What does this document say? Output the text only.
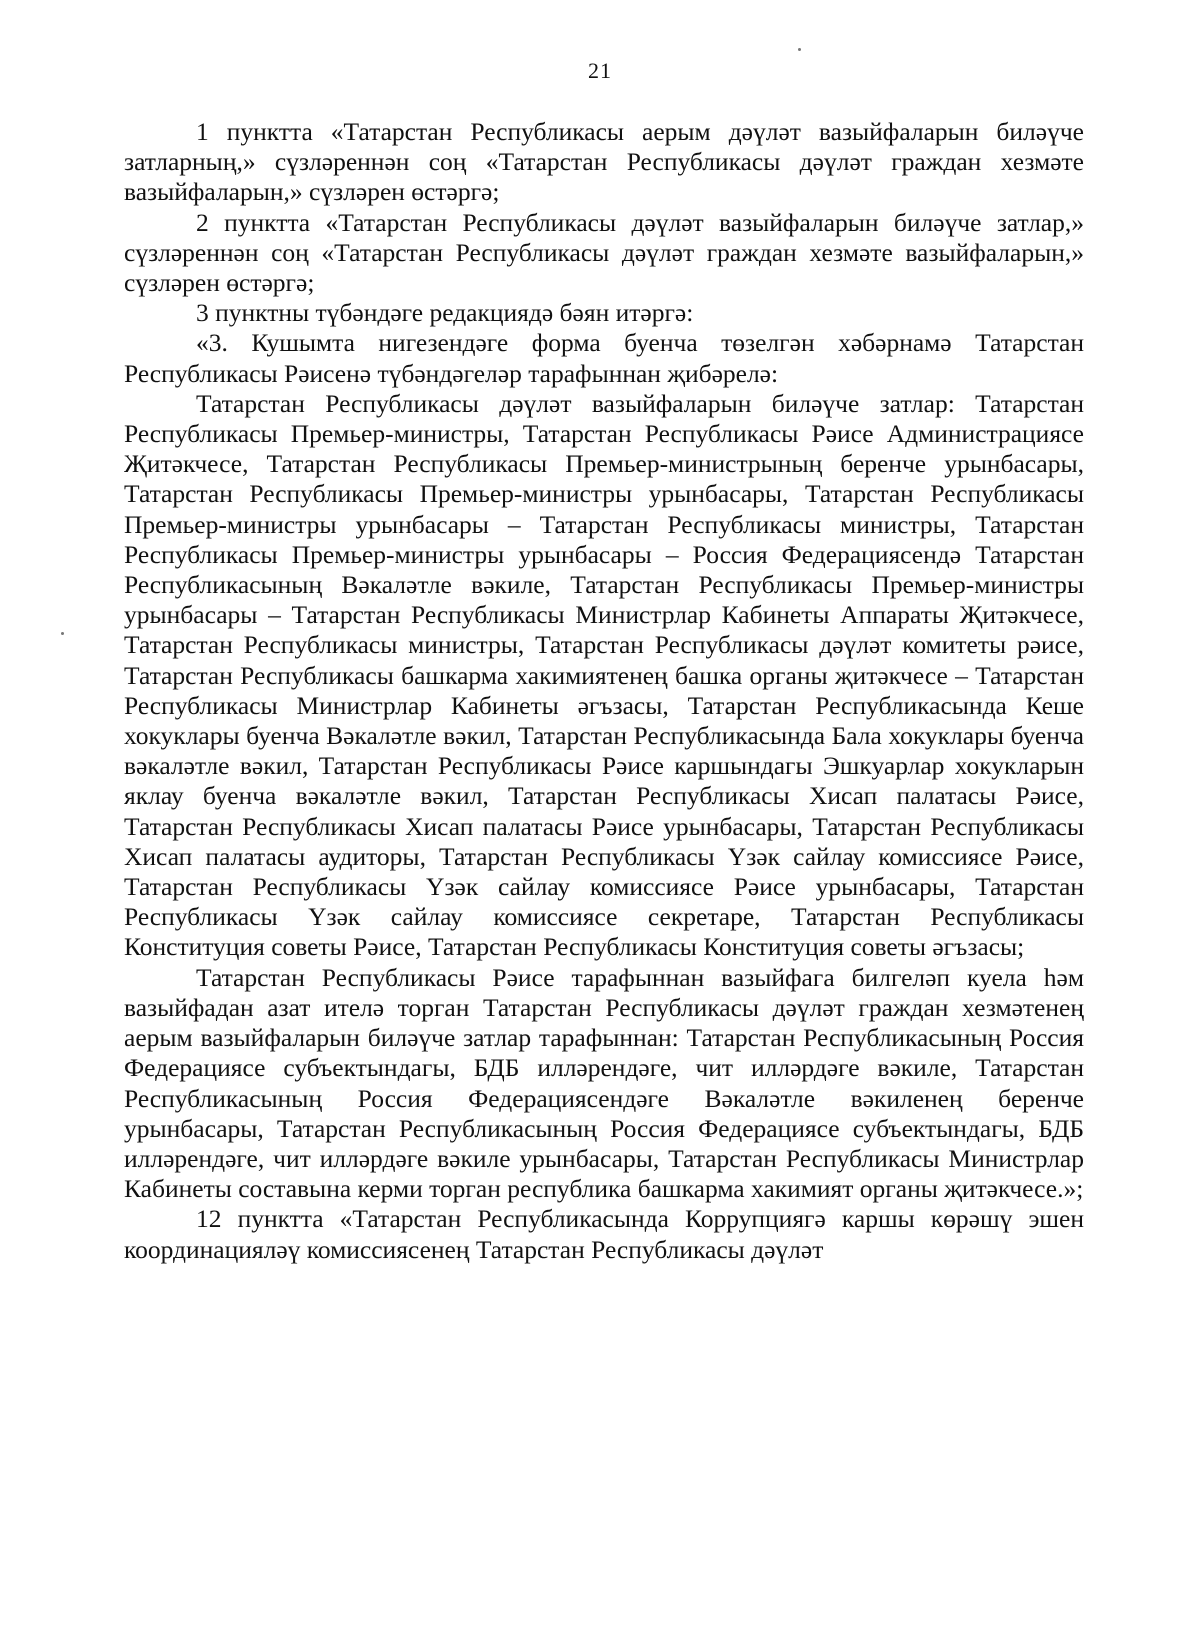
21

1 пунктта «Татарстан Республикасы аерым дәүләт вазыйфаларын биләүче затларның,» сүзләреннән соң «Татарстан Республикасы дәүләт граждан хезмәте вазыйфаларын,» сүзләрен өстәргә;

2 пунктта «Татарстан Республикасы дәүләт вазыйфаларын биләүче затлар,» сүзләреннән соң «Татарстан Республикасы дәүләт граждан хезмәте вазыйфаларын,» сүзләрен өстәргә;

3 пунктны түбәндәге редакциядә бәян итәргә:

«3. Кушымта нигезендәге форма буенча төзелгән хәбәрнамә Татарстан Республикасы Рәисенә түбәндәгеләр тарафыннан җибәрелә:

Татарстан Республикасы дәүләт вазыйфаларын биләүче затлар: Татарстан Республикасы Премьер-министры, Татарстан Республикасы Рәисе Администрациясе Җитәкчесе, Татарстан Республикасы Премьер-министрының беренче урынбасары, Татарстан Республикасы Премьер-министры урынбасары, Татарстан Республикасы Премьер-министры урынбасары – Татарстан Республикасы министры, Татарстан Республикасы Премьер-министры урынбасары – Россия Федерациясендә Татарстан Республикасының Вәкаләтле вәкиле, Татарстан Республикасы Премьер-министры урынбасары – Татарстан Республикасы Министрлар Кабинеты Аппараты Җитәкчесе, Татарстан Республикасы министры, Татарстан Республикасы дәүләт комитеты рәисе, Татарстан Республикасы башкарма хакимиятенең башка органы җитәкчесе – Татарстан Республикасы Министрлар Кабинеты әгъзасы, Татарстан Республикасында Кеше хокуклары буенча Вәкаләтле вәкил, Татарстан Республикасында Бала хокуклары буенча вәкаләтле вәкил, Татарстан Республикасы Рәисе каршындагы Эшкуарлар хокукларын яклау буенча вәкаләтле вәкил, Татарстан Республикасы Хисап палатасы Рәисе, Татарстан Республикасы Хисап палатасы Рәисе урынбасары, Татарстан Республикасы Хисап палатасы аудиторы, Татарстан Республикасы Үзәк сайлау комиссиясе Рәисе, Татарстан Республикасы Үзәк сайлау комиссиясе Рәисе урынбасары, Татарстан Республикасы Үзәк сайлау комиссиясе секретаре, Татарстан Республикасы Конституция советы Рәисе, Татарстан Республикасы Конституция советы әгъзасы;

Татарстан Республикасы Рәисе тарафыннан вазыйфага билгеләп куела һәм вазыйфадан азат ителә торган Татарстан Республикасы дәүләт граждан хезмәтенең аерым вазыйфаларын биләүче затлар тарафыннан: Татарстан Республикасының Россия Федерациясе субъектындагы, БДБ илләрендәге, чит илләрдәге вәкиле, Татарстан Республикасының Россия Федерациясендәге Вәкаләтле вәкиленең беренче урынбасары, Татарстан Республикасының Россия Федерациясе субъектындагы, БДБ илләрендәге, чит илләрдәге вәкиле урынбасары, Татарстан Республикасы Министрлар Кабинеты составына керми торган республика башкарма хакимият органы җитәкчесе.»;

12 пунктта «Татарстан Республикасында Коррупциягә каршы көрәшү эшен координацияләү комиссиясенең Татарстан Республикасы дәүләт
